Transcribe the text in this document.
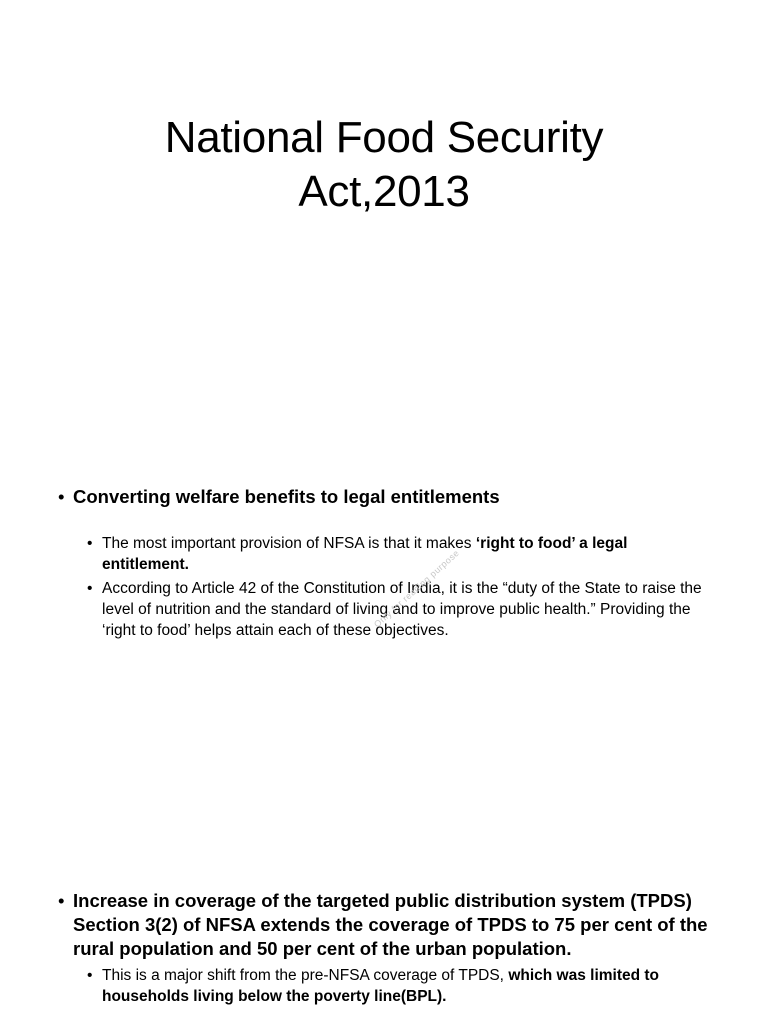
National Food Security
Act,2013
• Converting welfare benefits to legal entitlements
• The most important provision of NFSA is that it makes ‘right to food’ a legal entitlement.
• According to Article 42 of the Constitution of India, it is the “duty of the State to raise the level of nutrition and the standard of living and to improve public health.” Providing the ‘right to food’ helps attain each of these objectives.
Only for reading purpose
• Increase in coverage of the targeted public distribution system (TPDS) Section 3(2) of NFSA extends the coverage of TPDS to 75 per cent of the rural population and 50 per cent of the urban population.
• This is a major shift from the pre-NFSA coverage of TPDS, which was limited to households living below the poverty line(BPL).
